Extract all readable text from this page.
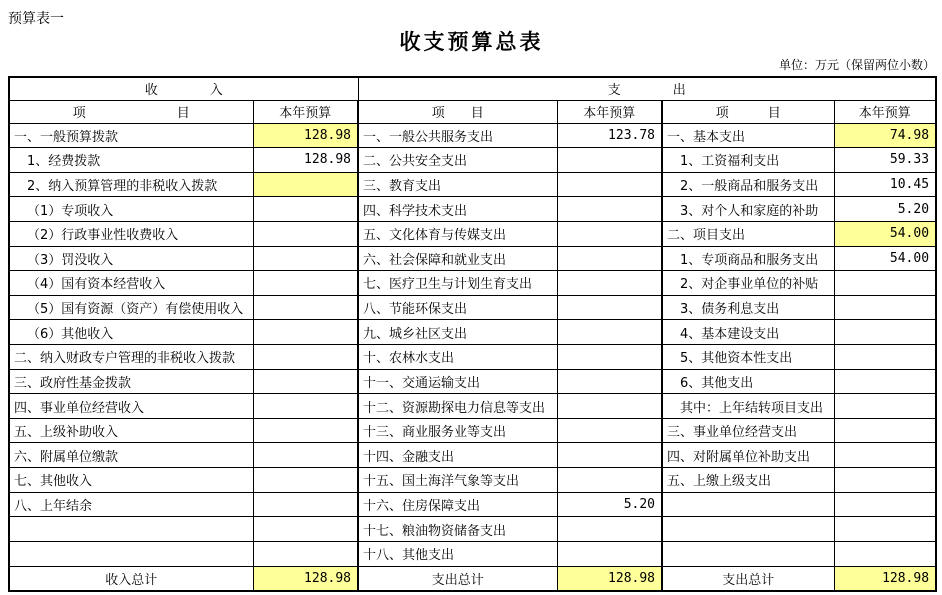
预算表一
收支预算总表
单位：万元（保留两位小数）
收　　　　入		支　　　　出			
项　　　　　　　目	本年预算	项　　目	本年预算	项　　　目	本年预算
一、一般预算拨款	128.98	一、一般公共服务支出	123.78	一、基本支出	74.98
1、经费拨款	128.98	二、公共安全支出		1、工资福利支出	59.33
2、纳入预算管理的非税收入拨款		三、教育支出		2、一般商品和服务支出	10.45
（1）专项收入		四、科学技术支出		3、对个人和家庭的补助	5.20
（2）行政事业性收费收入		五、文化体育与传媒支出		二、项目支出	54.00
（3）罚没收入		六、社会保障和就业支出		1、专项商品和服务支出	54.00
（4）国有资本经营收入		七、医疗卫生与计划生育支出		2、对企事业单位的补贴	
（5）国有资源（资产）有偿使用收入		八、节能环保支出		3、债务利息支出	
（6）其他收入		九、城乡社区支出		4、基本建设支出	
二、纳入财政专户管理的非税收入拨款		十、农林水支出		5、其他资本性支出	
三、政府性基金拨款		十一、交通运输支出		6、其他支出	
四、事业单位经营收入		十二、资源勘探电力信息等支出		其中：上年结转项目支出	
五、上级补助收入		十三、商业服务业等支出		三、事业单位经营支出	
六、附属单位缴款		十四、金融支出		四、对附属单位补助支出	
七、其他收入		十五、国土海洋气象等支出		五、上缴上级支出	
八、上年结余		十六、住房保障支出	5.20		
		十七、粮油物资储备支出			
		十八、其他支出			
收入总计	128.98	支出总计	128.98	支出总计	128.98
